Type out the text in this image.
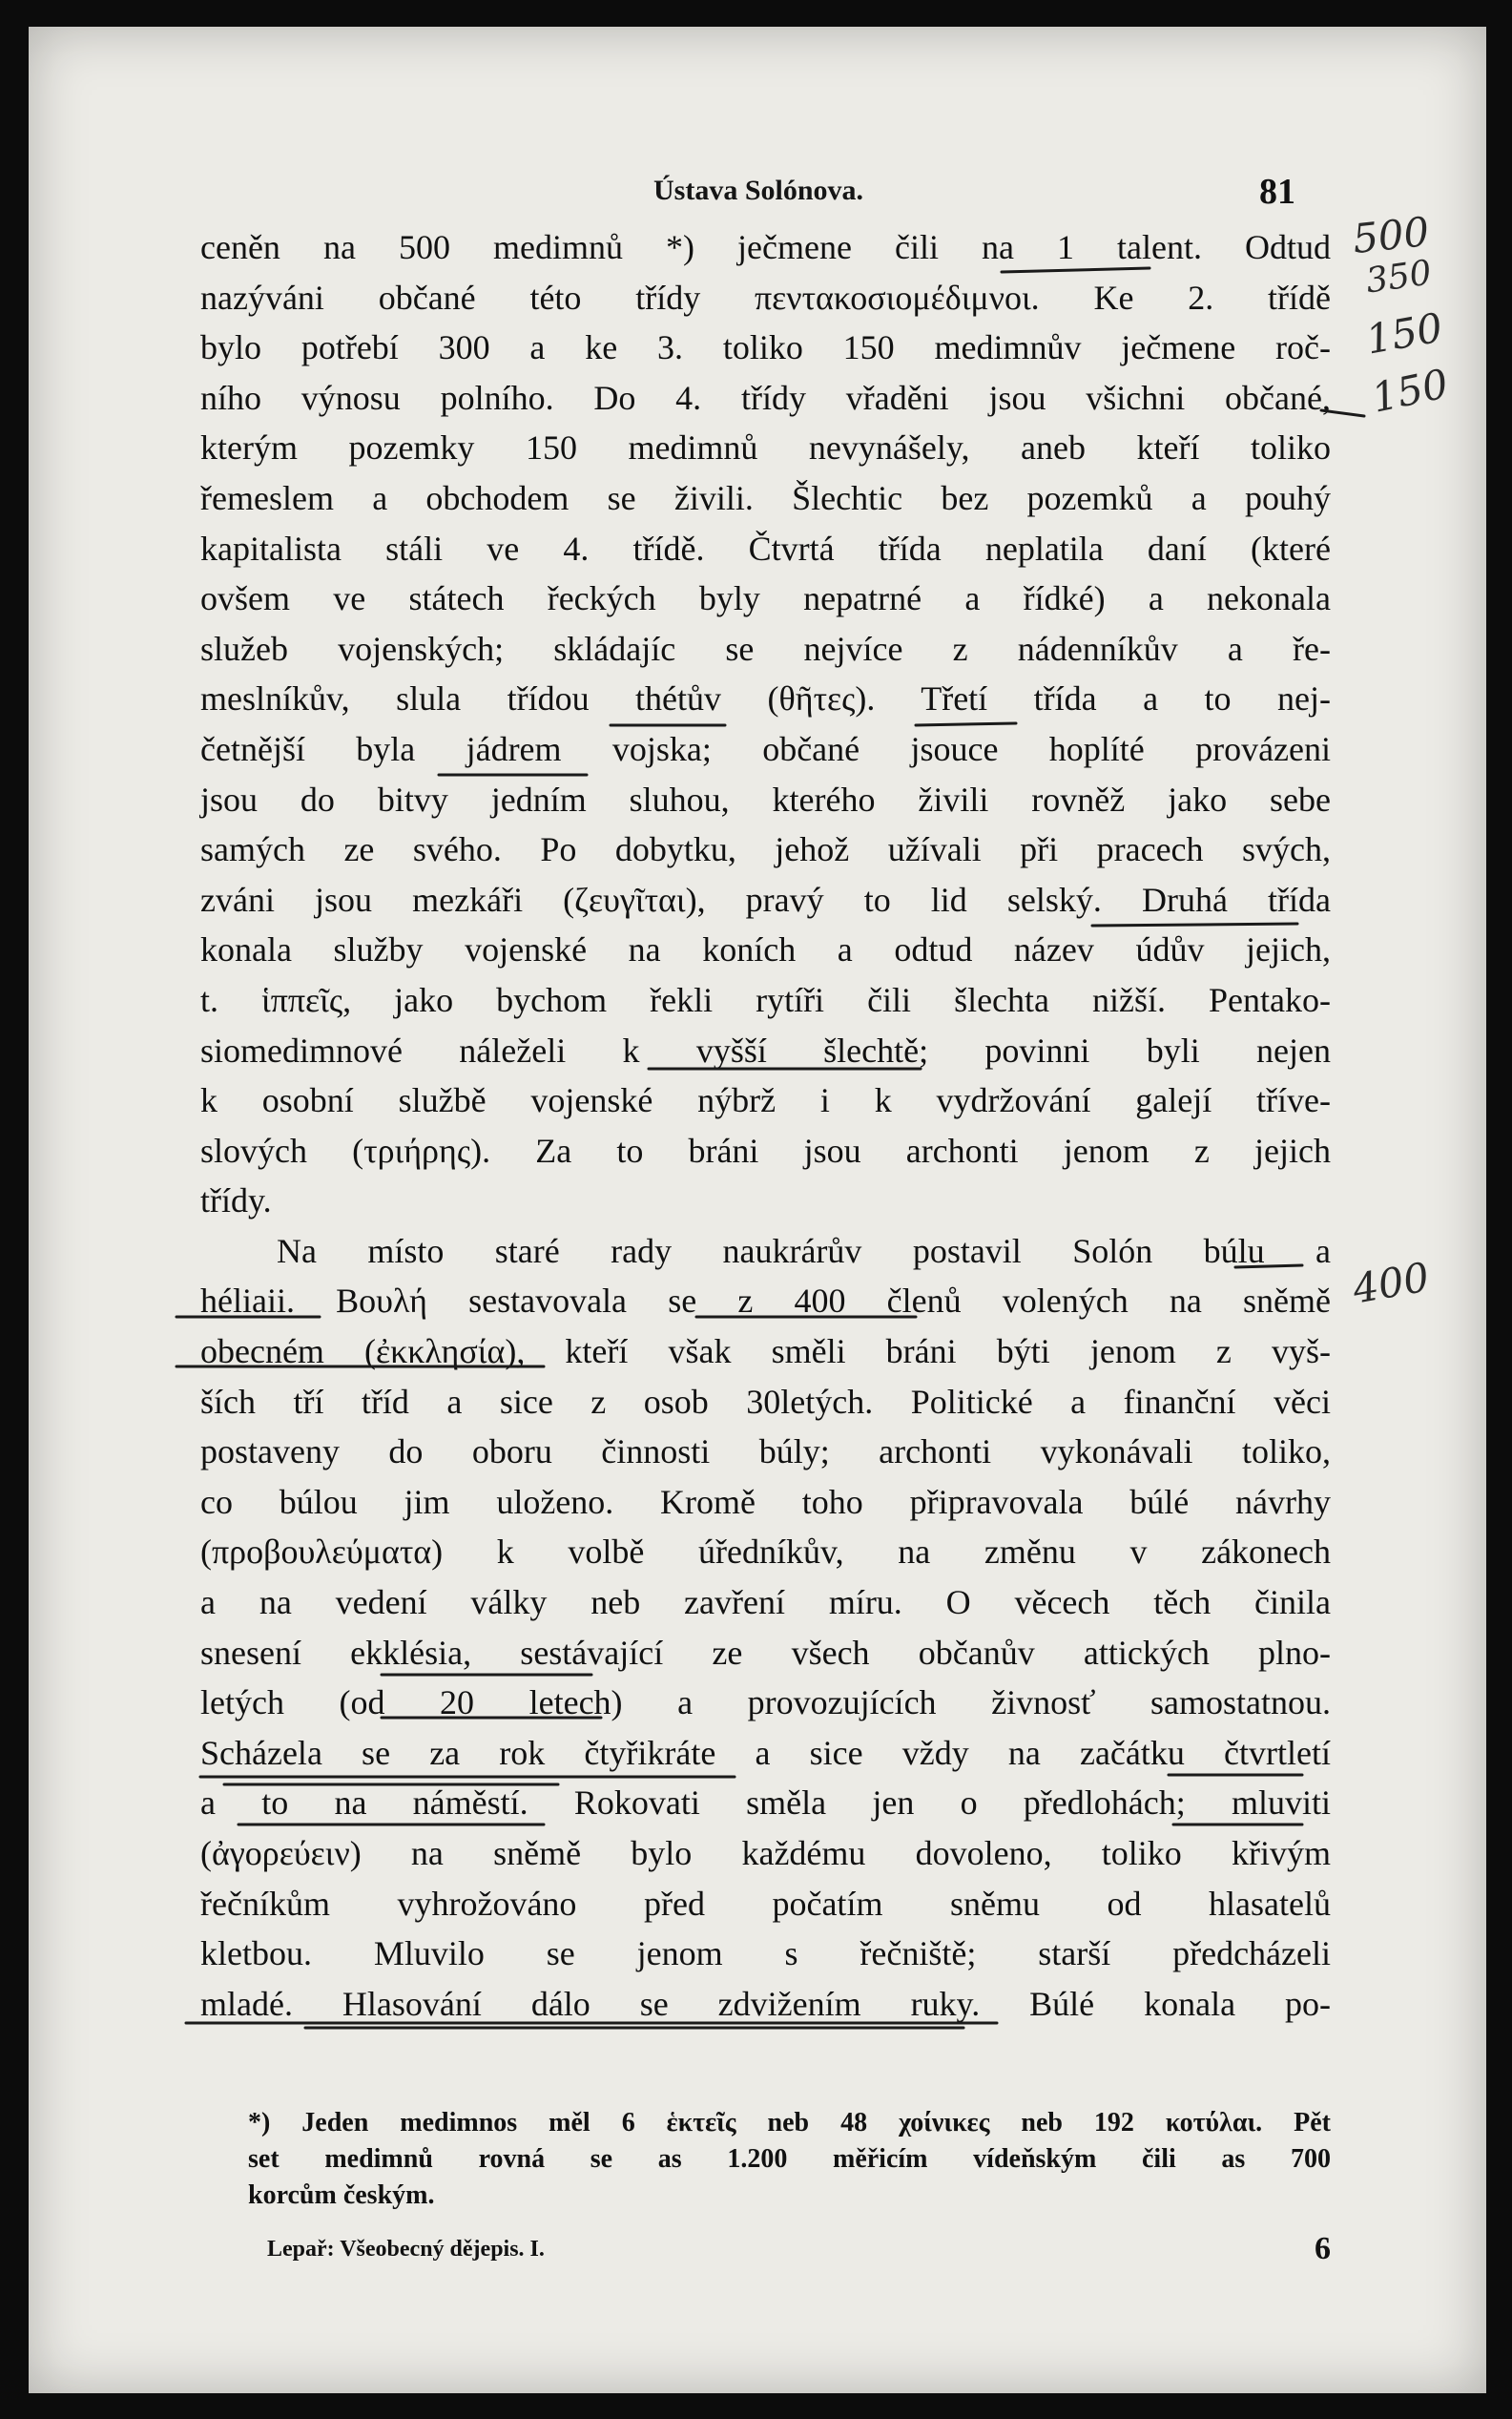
Ústava Solónova.	81
ceněn na 500 medimnů *) ječmene čili na 1 talent. Odtud
nazýváni občané této třídy πεντακοσιομέδιμνοι. Ke 2. třídě
bylo potřebí 300 a ke 3. toliko 150 medimnův ječmene roč-
ního výnosu polního. Do 4. třídy vřaděni jsou všichni občané,
kterým pozemky 150 medimnů nevynášely, aneb kteří toliko
řemeslem a obchodem se živili. Šlechtic bez pozemků a pouhý
kapitalista stáli ve 4. třídě. Čtvrtá třída neplatila daní (které
ovšem ve státech řeckých byly nepatrné a řídké) a nekonala
služeb vojenských; skládajíc se nejvíce z nádenníkův a ře-
meslníkův, slula třídou thétův (θῆτες). Třetí třída a to nej-
četnější byla jádrem vojska; občané jsouce hoplíté provázeni
jsou do bitvy jedním sluhou, kterého živili rovněž jako sebe
samých ze svého. Po dobytku, jehož užívali při pracech svých,
zváni jsou mezkáři (ζευγῖται), pravý to lid selský. Druhá třída
konala služby vojenské na koních a odtud název údův jejich,
t. ἱππεῖς, jako bychom řekli rytíři čili šlechta nižší. Pentako-
siomedimnové náleželi k vyšší šlechtě; povinni byli nejen
k osobní službě vojenské nýbrž i k vydržování galejí tříve-
slových (τριήρης). Za to bráni jsou archonti jenom z jejich
třídy.
Na místo staré rady naukrárův postavil Solón búlu a
héliaii. Βουλή sestavovala se z 400 členů volených na sněmě
obecném (ἐκκλησία), kteří však směli bráni býti jenom z vyš-
ších tří tříd a sice z osob 30letých. Politické a finanční věci
postaveny do oboru činnosti búly; archonti vykonávali toliko,
co búlou jim uloženo. Kromě toho připravovala búlé návrhy
(προβουλεύματα) k volbě úředníkův, na změnu v zákonech
a na vedení války neb zavření míru. O věcech těch činila
snesení ekklésia, sestávající ze všech občanův attických plno-
letých (od 20 letech) a provozujících živnosť samostatnou.
Scházela se za rok čtyřikráte a sice vždy na začátku čtvrtletí
a to na náměstí. Rokovati směla jen o předlohách; mluviti
(ἀγορεύειν) na sněmě bylo každému dovoleno, toliko křivým
řečníkům vyhrožováno před počatím sněmu od hlasatelů
kletbou. Mluvilo se jenom s řečniště; starší předcházeli
mladé. Hlasování dálo se zdvižením ruky. Búlé konala po-
*) Jeden medimnos měl 6 ἑκτεῖς neb 48 χοίνικες neb 192 κοτύλαι. Pět
set medimnů rovná se as 1.200 měřicím vídeňským čili as 700
korcům českým.
Lepař: Všeobecný dějepis. I.	6
500
350
150
150
400
